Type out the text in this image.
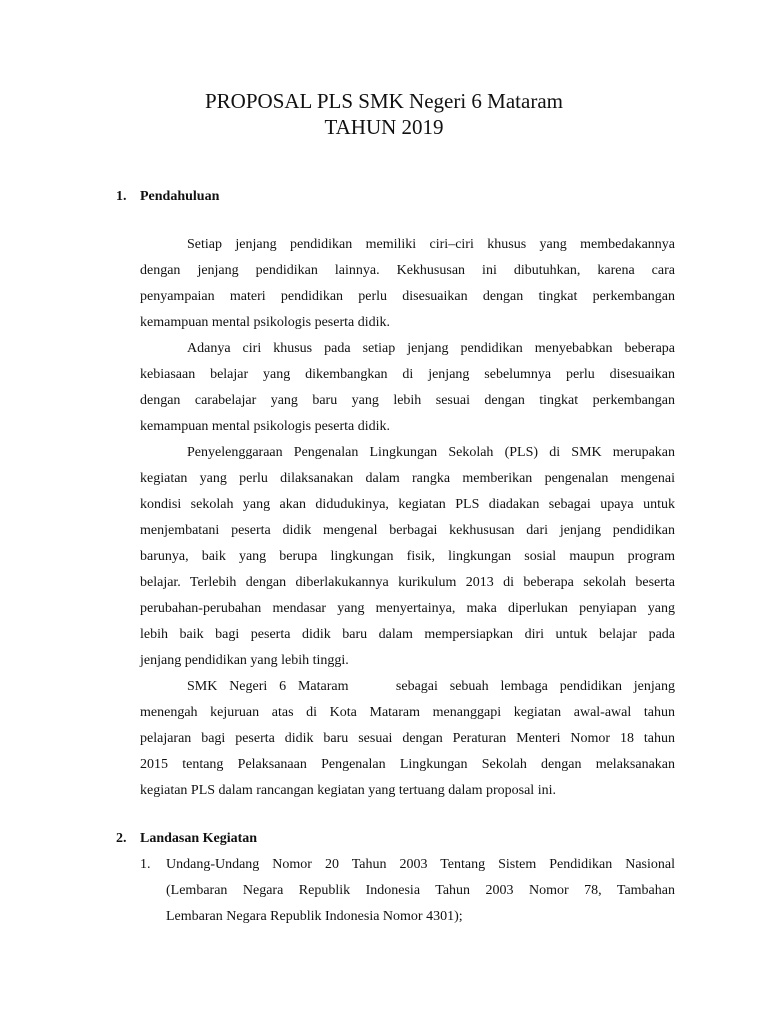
PROPOSAL PLS SMK Negeri 6 Mataram
TAHUN 2019
1. Pendahuluan
Setiap jenjang pendidikan memiliki ciri–ciri khusus yang membedakannya
dengan jenjang pendidikan lainnya. Kekhususan ini dibutuhkan, karena cara
penyampaian materi pendidikan perlu disesuaikan dengan tingkat perkembangan
kemampuan mental psikologis peserta didik.
Adanya ciri khusus pada setiap jenjang pendidikan menyebabkan beberapa
kebiasaan belajar yang dikembangkan di jenjang sebelumnya perlu disesuaikan
dengan carabelajar yang baru yang lebih sesuai dengan tingkat perkembangan
kemampuan mental psikologis peserta didik.
Penyelenggaraan Pengenalan Lingkungan Sekolah (PLS) di SMK merupakan
kegiatan yang perlu dilaksanakan dalam rangka memberikan pengenalan mengenai
kondisi sekolah yang akan didudukinya, kegiatan PLS diadakan sebagai upaya untuk
menjembatani peserta didik mengenal berbagai kekhususan dari jenjang pendidikan
barunya, baik yang berupa lingkungan fisik, lingkungan sosial maupun program
belajar. Terlebih dengan diberlakukannya kurikulum 2013 di beberapa sekolah beserta
perubahan-perubahan mendasar yang menyertainya, maka diperlukan penyiapan yang
lebih baik bagi peserta didik baru dalam mempersiapkan diri untuk belajar pada
jenjang pendidikan yang lebih tinggi.
SMK Negeri 6 Mataram    sebagai sebuah lembaga pendidikan jenjang
menengah kejuruan atas di Kota Mataram menanggapi kegiatan awal-awal tahun
pelajaran bagi peserta didik baru sesuai dengan Peraturan Menteri Nomor 18 tahun
2015 tentang Pelaksanaan Pengenalan Lingkungan Sekolah dengan melaksanakan
kegiatan PLS dalam rancangan kegiatan yang tertuang dalam proposal ini.
2. Landasan Kegiatan
1. Undang-Undang Nomor 20 Tahun 2003 Tentang Sistem Pendidikan Nasional
(Lembaran Negara Republik Indonesia Tahun 2003 Nomor 78, Tambahan
Lembaran Negara Republik Indonesia Nomor 4301);
